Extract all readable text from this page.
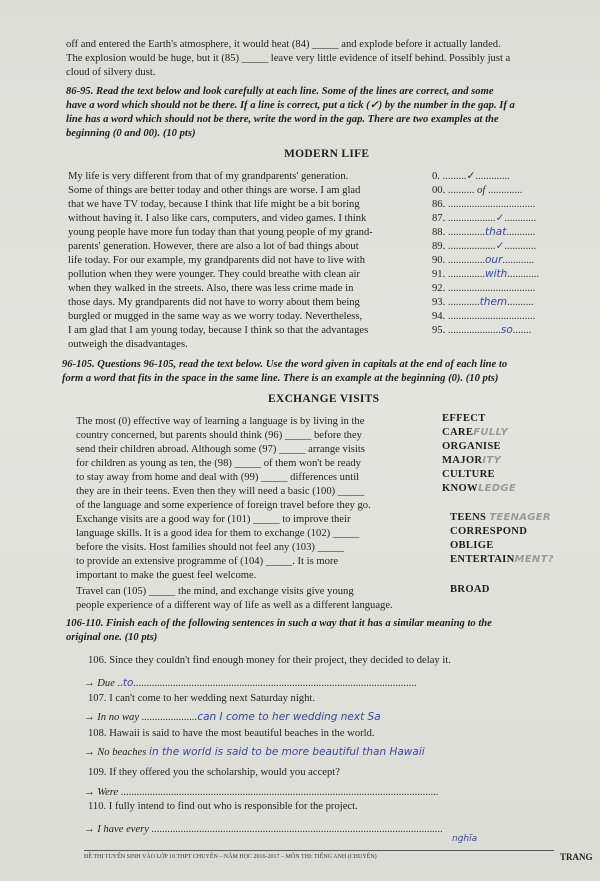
off and entered the Earth's atmosphere, it would heat (84) _____ and explode before it actually landed.
The explosion would be huge, but it (85) _____ leave very little evidence of itself behind. Possibly just a
cloud of silvery dust.
86-95. Read the text below and look carefully at each line. Some of the lines are correct, and some
have a word which should not be there. If a line is correct, put a tick (✓) by the number in the gap. If a
line has a word which should not be there, write the word in the gap. There are two examples at the
beginning (0 and 00). (10 pts)
MODERN LIFE
My life is very different from that of my grandparents' generation.
Some of things are better today and other things are worse. I am glad
that we have TV today, because I think that life might be a bit boring
without having it. I also like cars, computers, and video games. I think
young people have more fun today than that young people of my grand-
parents' generation. However, there are also a lot of bad things about
life today. For our example, my grandparents did not have to live with
pollution when they were younger. They could breathe with clean air
when they walked in the streets. Also, there was less crime made in
those days. My grandparents did not have to worry about them being
burgled or mugged in the same way as we worry today. Nevertheless,
I am glad that I am young today, because I think so that the advantages
outweigh the disadvantages.
0. .........✓.............
00. .......... of .............
86. .................................
87. ..................✓............
88. ..............that...........
89. ..................✓............
90. ..............our............
91. ..............with............
92. .................................
93. ............them..........
94. .................................
95. ....................so.......
96-105. Questions 96-105, read the text below. Use the word given in capitals at the end of each line to
form a word that fits in the space in the same line. There is an example at the beginning (0). (10 pts)
EXCHANGE VISITS
The most (0) effective way of learning a language is by living in the
country concerned, but parents should think (96) _____ before they
send their children abroad. Although some (97) _____ arrange visits
for children as young as ten, the (98) _____ of them won't be ready
to stay away from home and deal with (99) _____ differences until
they are in their teens. Even then they will need a basic (100) _____
of the language and some experience of foreign travel before they go.
Exchange visits are a good way for (101) _____ to improve their
language skills. It is a good idea for them to exchange (102) _____
before the visits. Host families should not feel any (103) _____
to provide an extensive programme of (104) _____. It is more
important to make the guest feel welcome.
Travel can (105) _____ the mind, and exchange visits give young
people experience of a different way of life as well as a different language.
EFFECT
CAREFULLY
ORGANISE
MAJORITY
CULTURE
KNOWLEDGE
TEENS TEENAGER
CORRESPOND
OBLIGE
ENTERTAINMENT?
BROAD
106-110. Finish each of the following sentences in such a way that it has a similar meaning to the
original one. (10 pts)
106. Since they couldn't find enough money for their project, they decided to delay it.
→ Due ..to...........................................................................................................
107. I can't come to her wedding next Saturday night.
→ In no way .....................can I come to her wedding next Sa
108. Hawaii is said to have the most beautiful beaches in the world.
→ No beaches in the world is said to be more beautiful than Hawaii
109. If they offered you the scholarship, would you accept?
→ Were ........................................................................................................................
110. I fully intend to find out who is responsible for the project.
→ I have every ..............................................................................................................
nghĩa
ĐỀ THI TUYỂN SINH VÀO LỚP 10 THPT CHUYÊN – NĂM HỌC 2016-2017 – MÔN THI: TIẾNG ANH (CHUYÊN)	TRANG
